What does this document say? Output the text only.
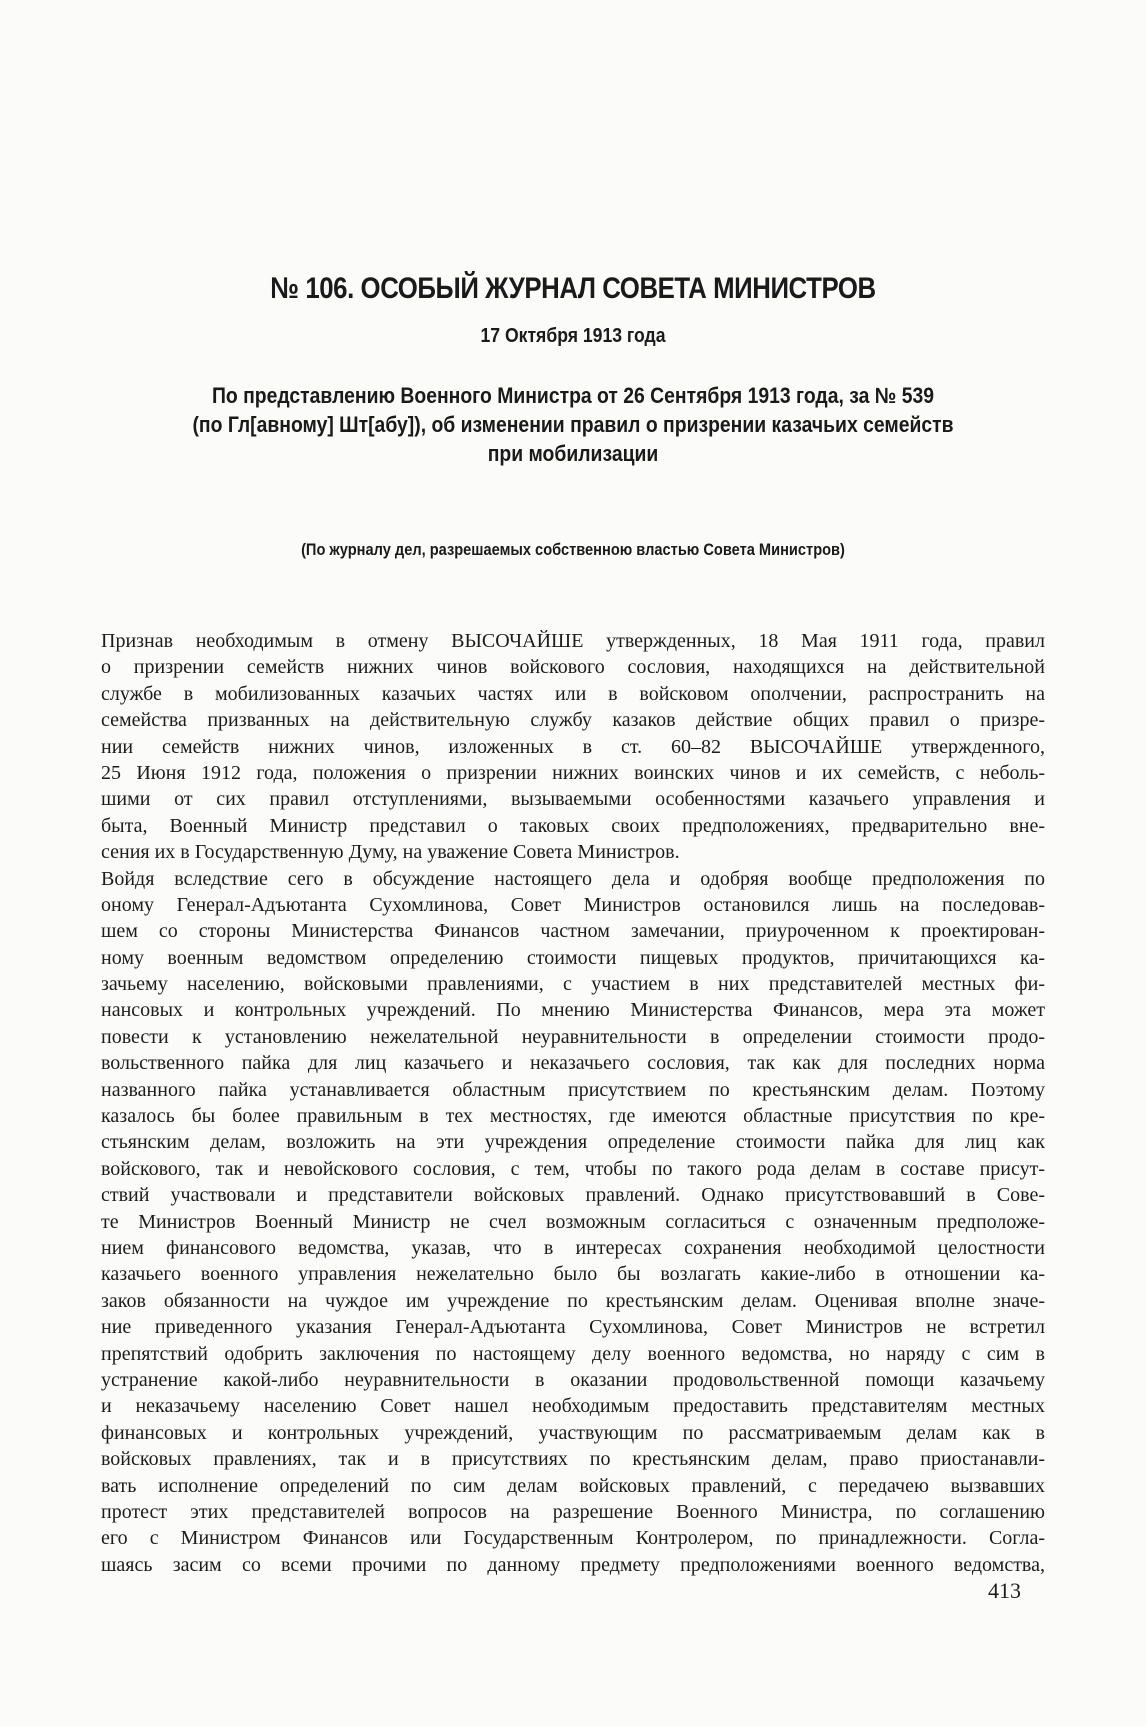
№ 106. ОСОБЫЙ ЖУРНАЛ СОВЕТА МИНИСТРОВ
17 Октября 1913 года
По представлению Военного Министра от 26 Сентября 1913 года, за № 539
(по Гл[авному] Шт[абу]), об изменении правил о призрении казачьих семейств
при мобилизации
(По журналу дел, разрешаемых собственною властью Совета Министров)

Признав необходимым в отмену ВЫСОЧАЙШЕ утвержденных, 18 Мая 1911 года, правил
о призрении семейств нижних чинов войскового сословия, находящихся на действительной
службе в мобилизованных казачьих частях или в войсковом ополчении, распространить на
семейства призванных на действительную службу казаков действие общих правил о призре-
нии семейств нижних чинов, изложенных в ст. 60–82 ВЫСОЧАЙШЕ утвержденного,
25 Июня 1912 года, положения о призрении нижних воинских чинов и их семейств, с неболь-
шими от сих правил отступлениями, вызываемыми особенностями казачьего управления и
быта, Военный Министр представил о таковых своих предположениях, предварительно вне-
сения их в Государственную Думу, на уважение Совета Министров.

Войдя вследствие сего в обсуждение настоящего дела и одобряя вообще предположения по
оному Генерал-Адъютанта Сухомлинова, Совет Министров остановился лишь на последовав-
шем со стороны Министерства Финансов частном замечании, приуроченном к проектирован-
ному военным ведомством определению стоимости пищевых продуктов, причитающихся ка-
зачьему населению, войсковыми правлениями, с участием в них представителей местных фи-
нансовых и контрольных учреждений. По мнению Министерства Финансов, мера эта может
повести к установлению нежелательной неуравнительности в определении стоимости продо-
вольственного пайка для лиц казачьего и неказачьего сословия, так как для последних норма
названного пайка устанавливается областным присутствием по крестьянским делам. Поэтому
казалось бы более правильным в тех местностях, где имеются областные присутствия по кре-
стьянским делам, возложить на эти учреждения определение стоимости пайка для лиц как
войскового, так и невойскового сословия, с тем, чтобы по такого рода делам в составе присут-
ствий участвовали и представители войсковых правлений. Однако присутствовавший в Сове-
те Министров Военный Министр не счел возможным согласиться с означенным предположе-
нием финансового ведомства, указав, что в интересах сохранения необходимой целостности
казачьего военного управления нежелательно было бы возлагать какие-либо в отношении ка-
заков обязанности на чуждое им учреждение по крестьянским делам. Оценивая вполне значе-
ние приведенного указания Генерал-Адъютанта Сухомлинова, Совет Министров не встретил
препятствий одобрить заключения по настоящему делу военного ведомства, но наряду с сим в
устранение какой-либо неуравнительности в оказании продовольственной помощи казачьему
и неказачьему населению Совет нашел необходимым предоставить представителям местных
финансовых и контрольных учреждений, участвующим по рассматриваемым делам как в
войсковых правлениях, так и в присутствиях по крестьянским делам, право приостанавли-
вать исполнение определений по сим делам войсковых правлений, с передачею вызвавших
протест этих представителей вопросов на разрешение Военного Министра, по соглашению
его с Министром Финансов или Государственным Контролером, по принадлежности. Согла-
шаясь засим со всеми прочими по данному предмету предположениями военного ведомства,

413
